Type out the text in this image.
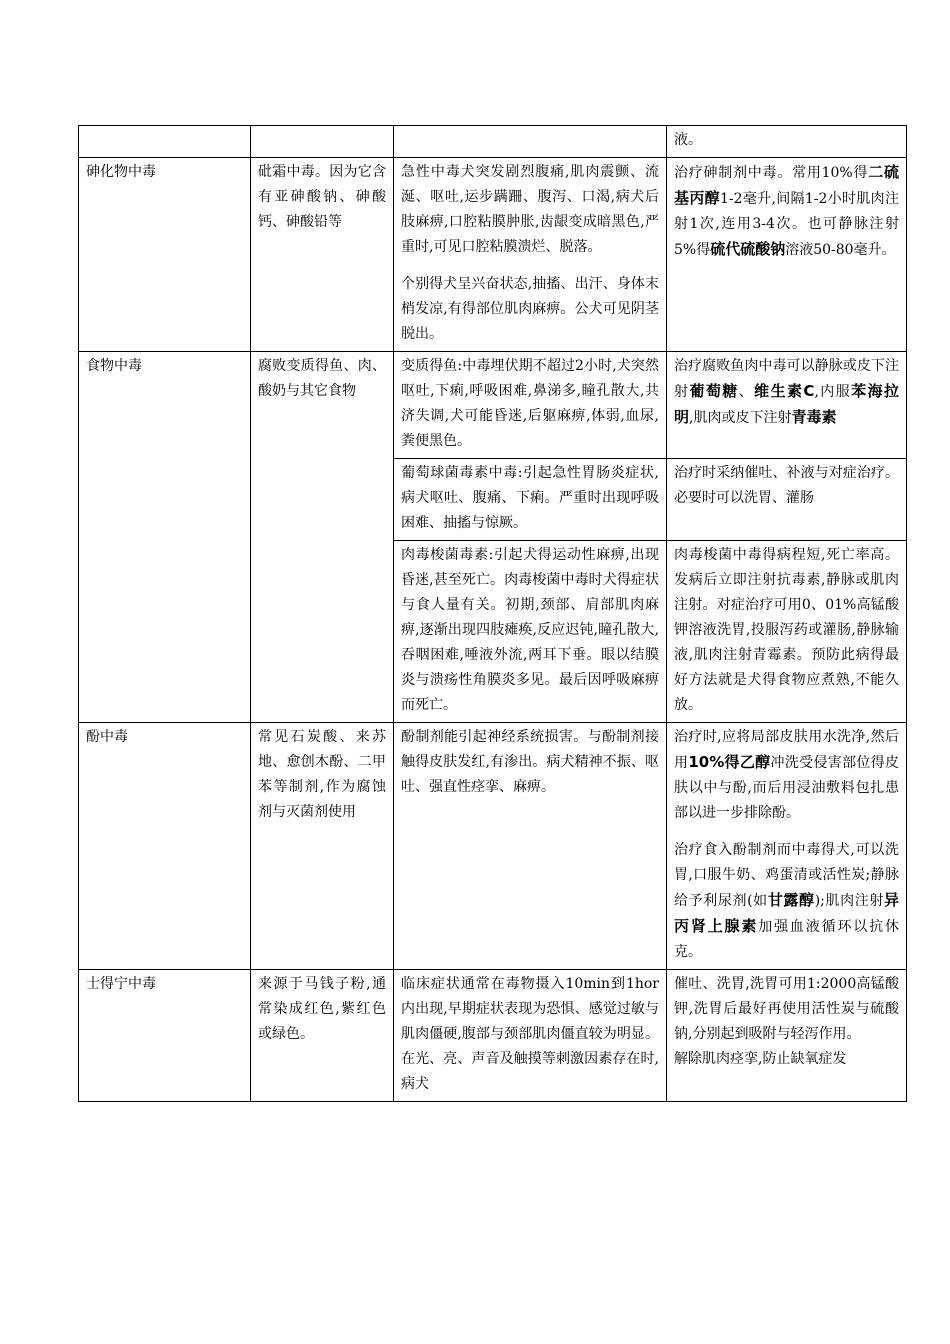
			液。
砷化物中毒	砒霜中毒。因为它含有亚砷酸钠、砷酸钙、砷酸铅等	急性中毒犬突发剧烈腹痛,肌肉震颤、流涎、呕吐,运步蹒跚、腹泻、口渴,病犬后肢麻痹,口腔粘膜肿胀,齿龈变成暗黑色,严重时,可见口腔粘膜溃烂、脱落。

个别得犬呈兴奋状态,抽搐、出汗、身体末梢发凉,有得部位肌肉麻痹。公犬可见阴茎脱出。	治疗砷制剂中毒。常用10%得二硫基丙醇1-2毫升,间隔1-2小时肌肉注射1次,连用3-4次。也可静脉注射5%得硫代硫酸钠溶液50-80毫升。
食物中毒	腐败变质得鱼、肉、酸奶与其它食物	变质得鱼:中毒埋伏期不超过2小时,犬突然呕吐,下痢,呼吸困难,鼻涕多,瞳孔散大,共济失调,犬可能昏迷,后躯麻痹,体弱,血尿,粪便黑色。	治疗腐败鱼肉中毒可以静脉或皮下注射葡萄糖、维生素C,内服苯海拉明,肌肉或皮下注射青毒素
		葡萄球菌毒素中毒:引起急性胃肠炎症状,病犬呕吐、腹痛、下痢。严重时出现呼吸困难、抽搐与惊厥。	治疗时采纳催吐、补液与对症治疗。必要时可以洗胃、灌肠
		肉毒梭菌毒素:引起犬得运动性麻痹,出现昏迷,甚至死亡。肉毒梭菌中毒时犬得症状与食人量有关。初期,颈部、肩部肌肉麻痹,逐渐出现四肢瘫痪,反应迟钝,瞳孔散大,吞咽困难,唾液外流,两耳下垂。眼以结膜炎与溃疡性角膜炎多见。最后因呼吸麻痹而死亡。	肉毒梭菌中毒得病程短,死亡率高。发病后立即注射抗毒素,静脉或肌肉注射。对症治疗可用0、01%高锰酸钾溶液洗胃,投服泻药或灌肠,静脉输液,肌肉注射青霉素。预防此病得最好方法就是犬得食物应煮熟,不能久放。
酚中毒	常见石炭酸、来苏地、愈创木酚、二甲苯等制剂,作为腐蚀剂与灭菌剂使用	酚制剂能引起神经系统损害。与酚制剂接触得皮肤发红,有渗出。病犬精神不振、呕吐、强直性痉挛、麻痹。	治疗时,应将局部皮肤用水洗净,然后用10%得乙醇冲洗受侵害部位得皮肤以中与酚,而后用浸油敷料包扎患部以进一步排除酚。

治疗食入酚制剂而中毒得犬,可以洗胃,口服牛奶、鸡蛋清或活性炭;静脉给予利尿剂(如甘露醇);肌肉注射异丙肾上腺素加强血液循环以抗休克。

士得宁中毒	来源于马钱子粉,通常染成红色,紫红色或绿色。	临床症状通常在毒物摄入10min到1hor内出现,早期症状表现为恐惧、感觉过敏与肌肉僵硬,腹部与颈部肌肉僵直较为明显。在光、亮、声音及触摸等刺激因素存在时,病犬	催吐、洗胃,洗胃可用1:2000高锰酸钾,洗胃后最好再使用活性炭与硫酸钠,分别起到吸附与轻泻作用。

解除肌肉痉挛,防止缺氧症发
